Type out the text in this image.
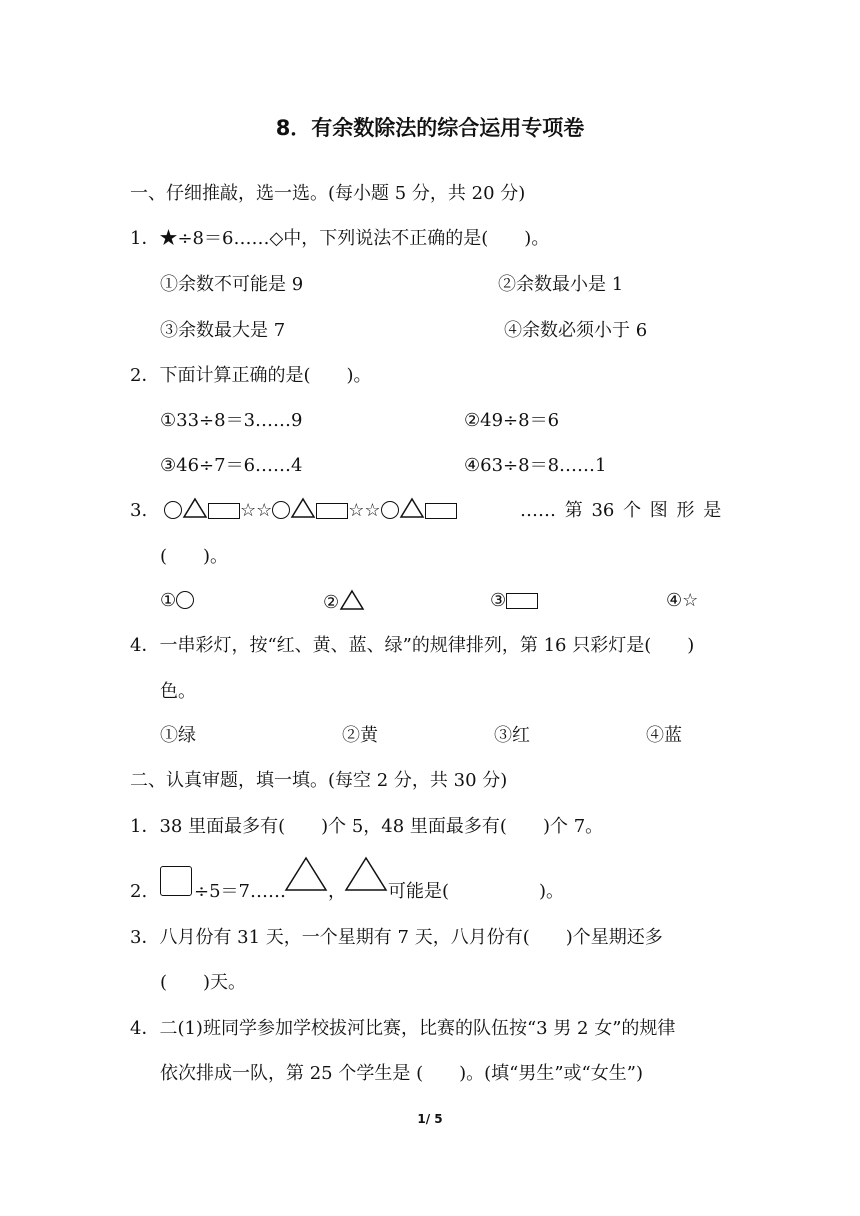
8．有余数除法的综合运用专项卷
一、仔细推敲，选一选。(每小题 5 分，共 20 分)
1．★÷8＝6……◇中，下列说法不正确的是(　　)。
①余数不可能是 9	②余数最小是 1
③余数最大是 7	④余数必须小于 6
2．下面计算正确的是(　　)。
①33÷8＝3……9	②49÷8＝6
③46÷7＝6……4	④63÷8＝8……1
3.	☆☆	☆☆	…… 第 36 个 图 形 是
(　　)。
①	②	③	④☆
4．一串彩灯，按“红、黄、蓝、绿”的规律排列，第 16 只彩灯是(　　)
色。
①绿	②黄	③红	④蓝
二、认真审题，填一填。(每空 2 分，共 30 分)
1．38 里面最多有(　　)个 5，48 里面最多有(　　)个 7。
2.	÷5＝7…… ， 可能是(　　　　　)。
3．八月份有 31 天，一个星期有 7 天，八月份有(　　)个星期还多
(　　)天。
4．二(1)班同学参加学校拔河比赛，比赛的队伍按“3 男 2 女”的规律
依次排成一队，第 25 个学生是 (　　)。(填“男生”或“女生”)
1/ 5
